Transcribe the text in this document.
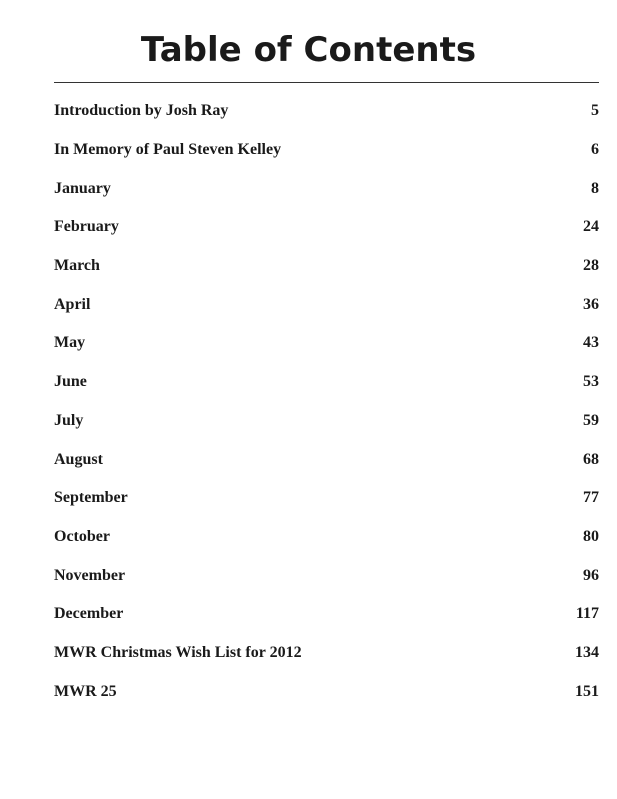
Table of Contents
Introduction by Josh Ray	5
In Memory of Paul Steven Kelley	6
January	8
February	24
March	28
April	36
May	43
June	53
July	59
August	68
September	77
October	80
November	96
December	117
MWR Christmas Wish List for 2012	134
MWR 25	151
